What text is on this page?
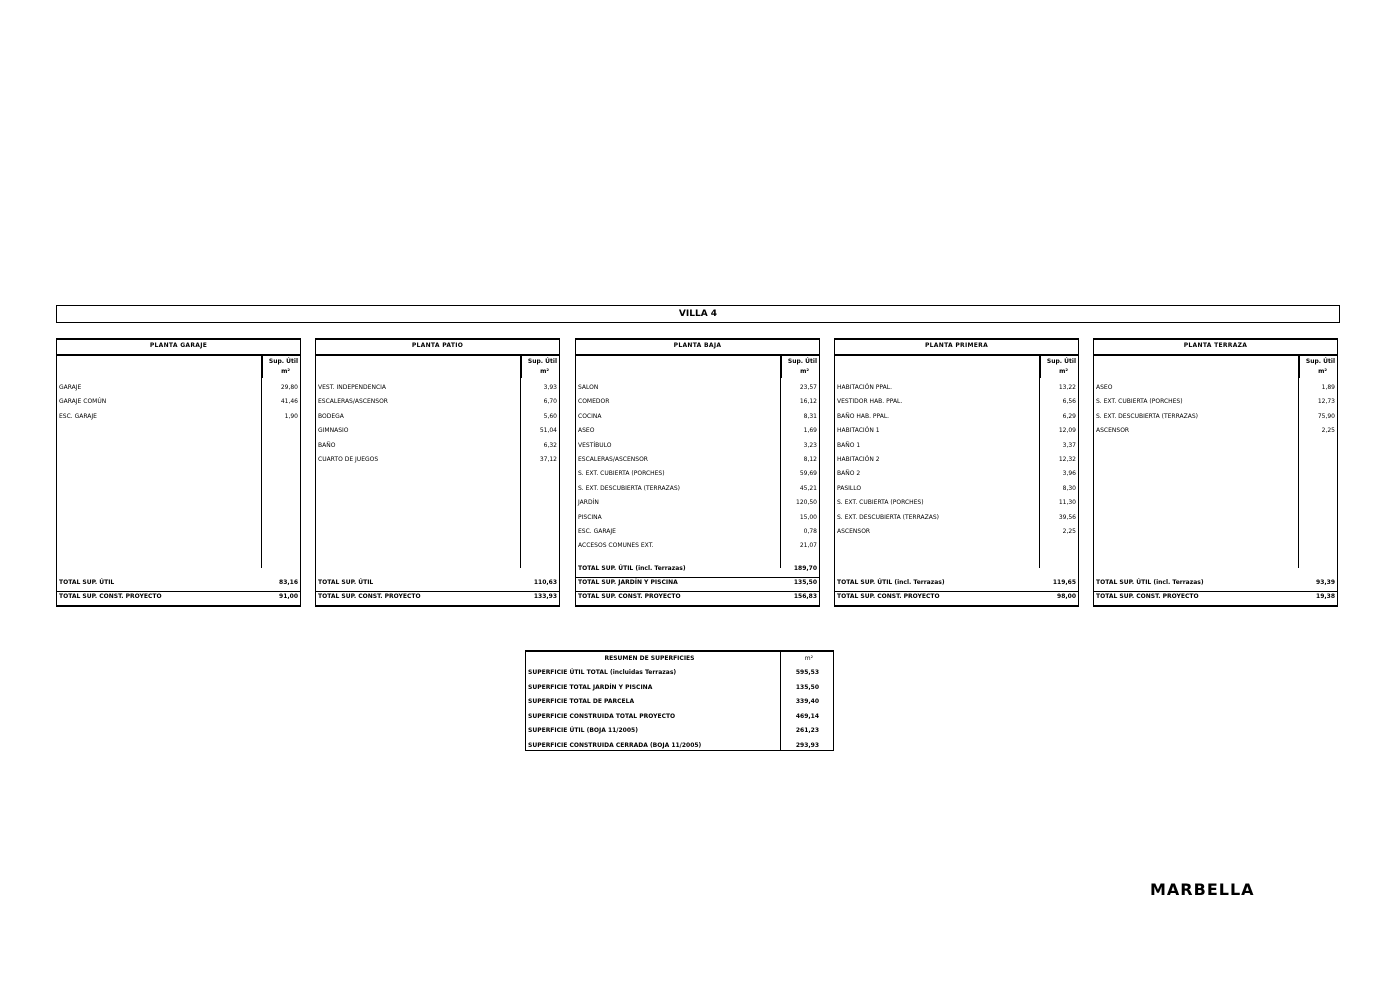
VILLA 4
PLANTA GARAJE
Sup. Útil
m²
GARAJE	29,80
GARAJE COMÚN	41,46
ESC. GARAJE	1,90
TOTAL SUP. ÚTIL	83,16
TOTAL SUP. CONST. PROYECTO	91,00
PLANTA PATIO
Sup. Útil
m²
VEST. INDEPENDENCIA	3,93
ESCALERAS/ASCENSOR	6,70
BODEGA	5,60
GIMNASIO	51,04
BAÑO	6,32
CUARTO DE JUEGOS	37,12
TOTAL SUP. ÚTIL	110,63
TOTAL SUP. CONST. PROYECTO	133,93
PLANTA BAJA
Sup. Útil
m²
SALON	23,57
COMEDOR	16,12
COCINA	8,31
ASEO	1,69
VESTÍBULO	3,23
ESCALERAS/ASCENSOR	8,12
S. EXT. CUBIERTA (PORCHES)	59,69
S. EXT. DESCUBIERTA (TERRAZAS)	45,21
JARDÍN	120,50
PISCINA	15,00
ESC. GARAJE	0,78
ACCESOS COMUNES EXT.	21,07
TOTAL SUP. ÚTIL (incl. Terrazas)	189,70
TOTAL SUP. JARDÍN Y PISCINA	135,50
TOTAL SUP. CONST. PROYECTO	156,83
PLANTA PRIMERA
Sup. Útil
m²
HABITACIÓN PPAL.	13,22
VESTIDOR HAB. PPAL.	6,56
BAÑO HAB. PPAL.	6,29
HABITACIÓN 1	12,09
BAÑO 1	3,37
HABITACIÓN 2	12,32
BAÑO 2	3,96
PASILLO	8,30
S. EXT. CUBIERTA (PORCHES)	11,30
S. EXT. DESCUBIERTA (TERRAZAS)	39,56
ASCENSOR	2,25
TOTAL SUP. ÚTIL (incl. Terrazas)	119,65
TOTAL SUP. CONST. PROYECTO	98,00
PLANTA TERRAZA
Sup. Útil
m²
ASEO	1,89
S. EXT. CUBIERTA (PORCHES)	12,73
S. EXT. DESCUBIERTA (TERRAZAS)	75,90
ASCENSOR	2,25
TOTAL SUP. ÚTIL (incl. Terrazas)	93,39
TOTAL SUP. CONST. PROYECTO	19,38
RESUMEN DE SUPERFICIES	m²
SUPERFICIE ÚTIL TOTAL (incluidas Terrazas)	595,53
SUPERFICIE TOTAL JARDÍN Y PISCINA	135,50
SUPERFICIE TOTAL DE PARCELA	339,40
SUPERFICIE CONSTRUIDA TOTAL PROYECTO	469,14
SUPERFICIE ÚTIL (BOJA 11/2005)	261,23
SUPERFICIE CONSTRUIDA CERRADA (BOJA 11/2005)	293,93
MARBELLA
